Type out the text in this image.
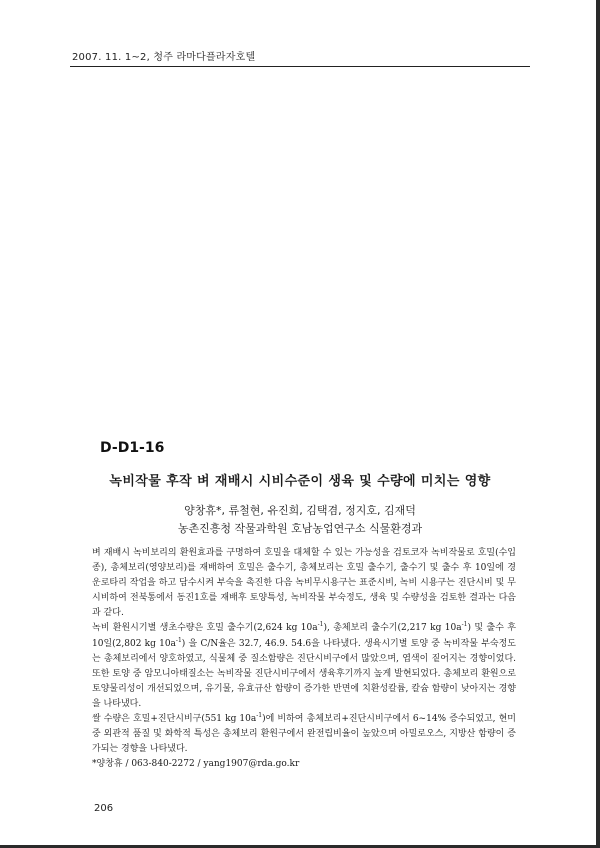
2007. 11. 1~2, 청주 라마다플라자호텔
D-D1-16
녹비작물 후작 벼 재배시 시비수준이 생육 및 수량에 미치는 영향
양창휴*, 류철현, 유진희, 김택겸, 정지호, 김재덕
농촌진흥청 작물과학원 호남농업연구소 식물환경과

벼 재배시 녹비보리의 환원효과를 구명하여 호밀을 대체할 수 있는 가능성을 검토코자 녹비작물로 호밀(수입종), 총체보리(영양보리)를 재배하여 호밀은 출수기, 총체보리는 호밀 출수기, 출수기 및 출수 후 10일에 경운로타리 작업을 하고 담수시켜 부숙을 촉진한 다음 녹비무시용구는 표준시비, 녹비 시용구는 진단시비 및 무시비하여 전북통에서 동진1호를 재배후 토양특성, 녹비작물 부숙정도, 생육 및 수량성을 검토한 결과는 다음과 같다.

녹비 환원시기별 생초수량은 호밀 출수기(2,624 kg $10a^{-1}$), 총체보리 출수기(2,217 kg $10a^{-1}$) 및 출수 후 10일(2,802 kg $10a^{-1}$) 을 C/N율은 32.7, 46.9. 54.6을 나타냈다. 생육시기별 토양 중 녹비작물 부숙정도는 총체보리에서 양호하였고, 식물체 중 질소함량은 진단시비구에서 많았으며, 엽색이 짙어지는 경향이었다. 또한 토양 중 암모니아태질소는 녹비작물 진단시비구에서 생육후기까지 높게 발현되었다. 총체보리 환원으로 토양물리성이 개선되었으며, 유기물, 유효규산 함량이 증가한 반면에 치환성칼륨, 칼슘 함량이 낮아지는 경향을 나타냈다.

쌀 수량은 호밀+진단시비구(551 kg $10a^{-1}$)에 비하여 총체보리+진단시비구에서 6~14% 증수되었고, 현미 중 외관적 품질 및 화학적 특성은 총체보리 환원구에서 완전립비율이 높았으며 아밀로오스, 지방산 함량이 증가되는 경향을 나타냈다.

*양창휴 / 063-840-2272 / yang1907@rda.go.kr

206
